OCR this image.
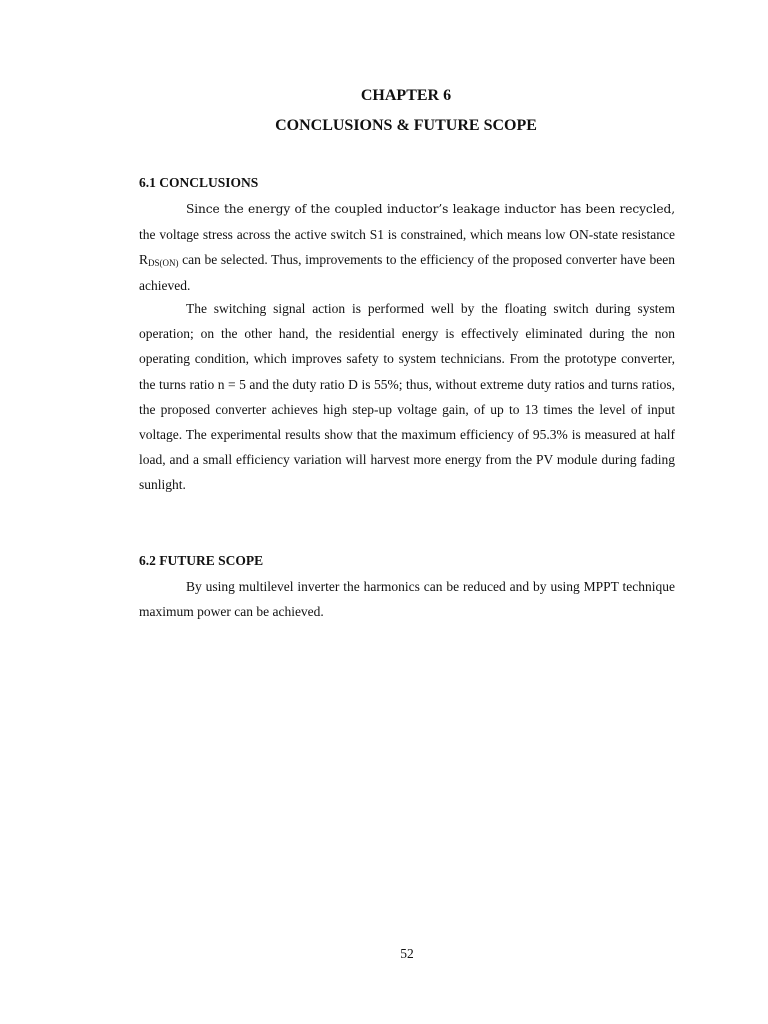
CHAPTER 6
CONCLUSIONS & FUTURE SCOPE
6.1 CONCLUSIONS

Since the energy of the coupled inductor’s leakage inductor has been recycled, the voltage stress across the active switch S1 is constrained, which means low ON-state resistance $R_{DS(ON)}$ can be selected. Thus, improvements to the efficiency of the proposed converter have been achieved.

The switching signal action is performed well by the floating switch during system operation; on the other hand, the residential energy is effectively eliminated during the non operating condition, which improves safety to system technicians. From the prototype converter, the turns ratio n = 5 and the duty ratio D is 55%; thus, without extreme duty ratios and turns ratios, the proposed converter achieves high step-up voltage gain, of up to 13 times the level of input voltage. The experimental results show that the maximum efficiency of 95.3% is measured at half load, and a small efficiency variation will harvest more energy from the PV module during fading sunlight.

6.2 FUTURE SCOPE

By using multilevel inverter the harmonics can be reduced and by using MPPT technique maximum power can be achieved.

52
